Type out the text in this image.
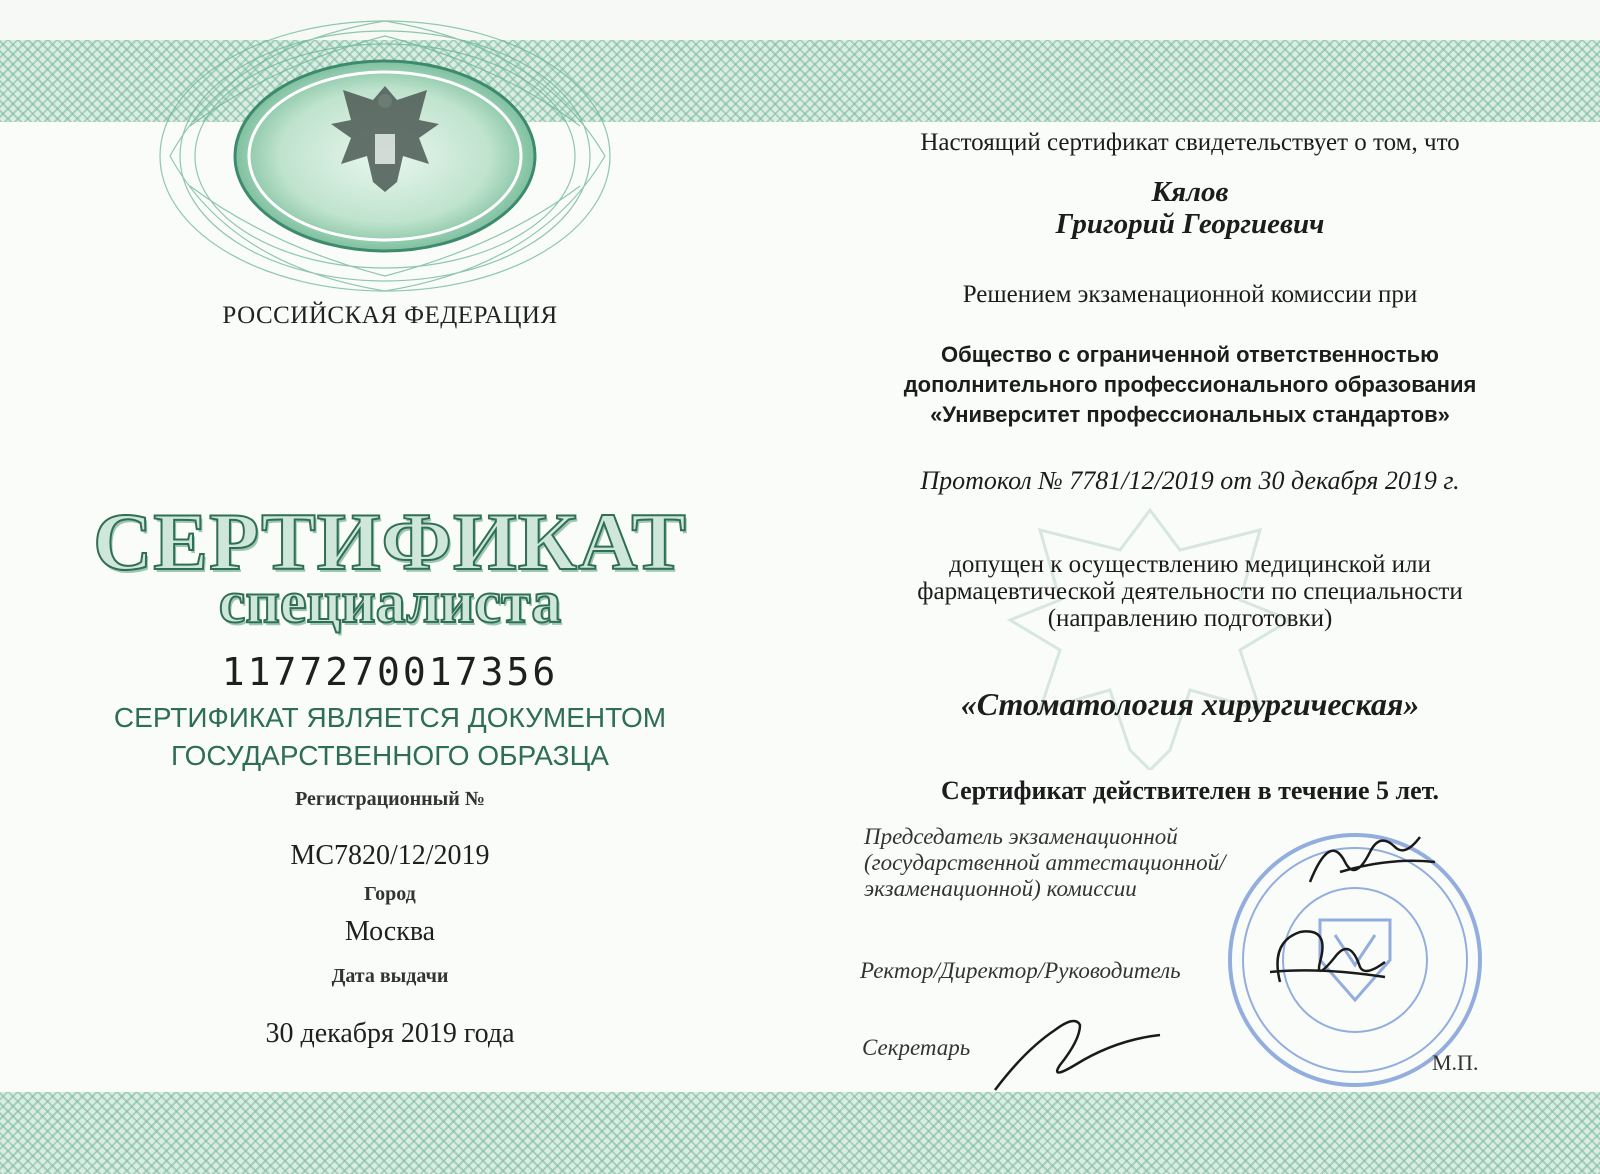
РОССИЙСКАЯ ФЕДЕРАЦИЯ
СЕРТИФИКАТ
специалиста
1177270017356
СЕРТИФИКАТ ЯВЛЯЕТСЯ ДОКУМЕНТОМ
ГОСУДАРСТВЕННОГО ОБРАЗЦА
Регистрационный №
МС7820/12/2019
Город
Москва
Дата выдачи
30 декабря 2019 года
Настоящий сертификат свидетельствует о том, что
Кялов
Григорий Георгиевич
Решением экзаменационной комиссии при
Общество с ограниченной ответственностью
дополнительного профессионального образования
«Университет профессиональных стандартов»
Протокол № 7781/12/2019 от 30 декабря 2019 г.
допущен к осуществлению медицинской или
фармацевтической деятельности по специальности
(направлению подготовки)
«Стоматология хирургическая»
Сертификат действителен в течение 5 лет.
Председатель экзаменационной
(государственной аттестационной/
экзаменационной) комиссии
Ректор/Директор/Руководитель
Секретарь
М.П.
